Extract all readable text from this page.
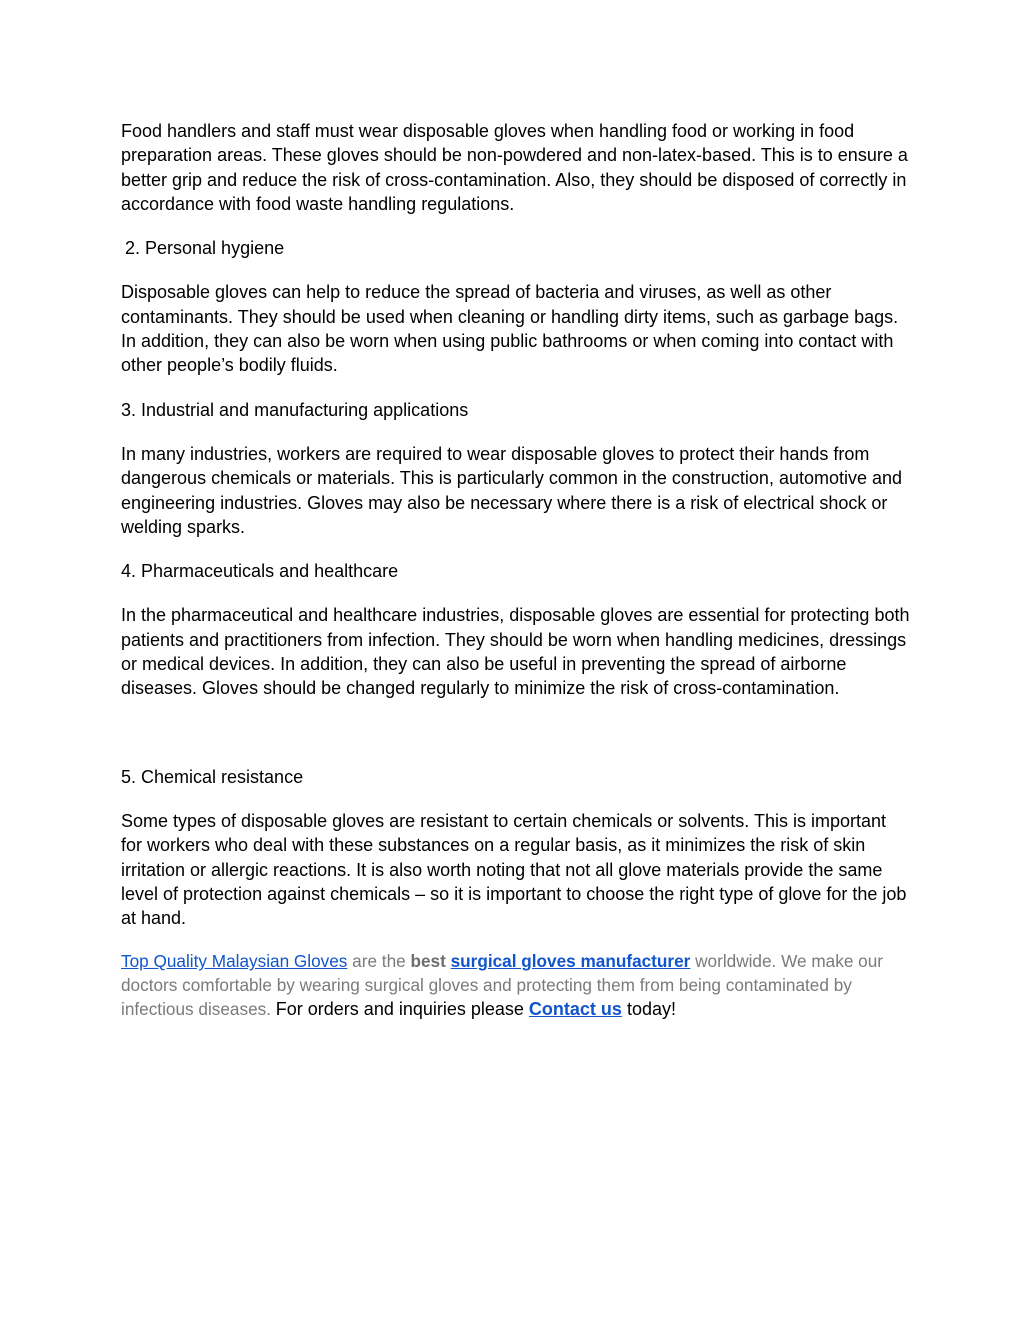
Food handlers and staff must wear disposable gloves when handling food or working in food preparation areas. These gloves should be non-powdered and non-latex-based. This is to ensure a better grip and reduce the risk of cross-contamination. Also, they should be disposed of correctly in accordance with food waste handling regulations.

2. Personal hygiene

Disposable gloves can help to reduce the spread of bacteria and viruses, as well as other contaminants. They should be used when cleaning or handling dirty items, such as garbage bags. In addition, they can also be worn when using public bathrooms or when coming into contact with other people’s bodily fluids.

3. Industrial and manufacturing applications

In many industries, workers are required to wear disposable gloves to protect their hands from dangerous chemicals or materials. This is particularly common in the construction, automotive and engineering industries. Gloves may also be necessary where there is a risk of electrical shock or welding sparks.

4. Pharmaceuticals and healthcare

In the pharmaceutical and healthcare industries, disposable gloves are essential for protecting both patients and practitioners from infection. They should be worn when handling medicines, dressings or medical devices. In addition, they can also be useful in preventing the spread of airborne diseases. Gloves should be changed regularly to minimize the risk of cross-contamination.

5. Chemical resistance

Some types of disposable gloves are resistant to certain chemicals or solvents. This is important for workers who deal with these substances on a regular basis, as it minimizes the risk of skin irritation or allergic reactions. It is also worth noting that not all glove materials provide the same level of protection against chemicals – so it is important to choose the right type of glove for the job at hand.

Top Quality Malaysian Gloves are the best surgical gloves manufacturer worldwide. We make our doctors comfortable by wearing surgical gloves and protecting them from being contaminated by infectious diseases. For orders and inquiries please Contact us today!
